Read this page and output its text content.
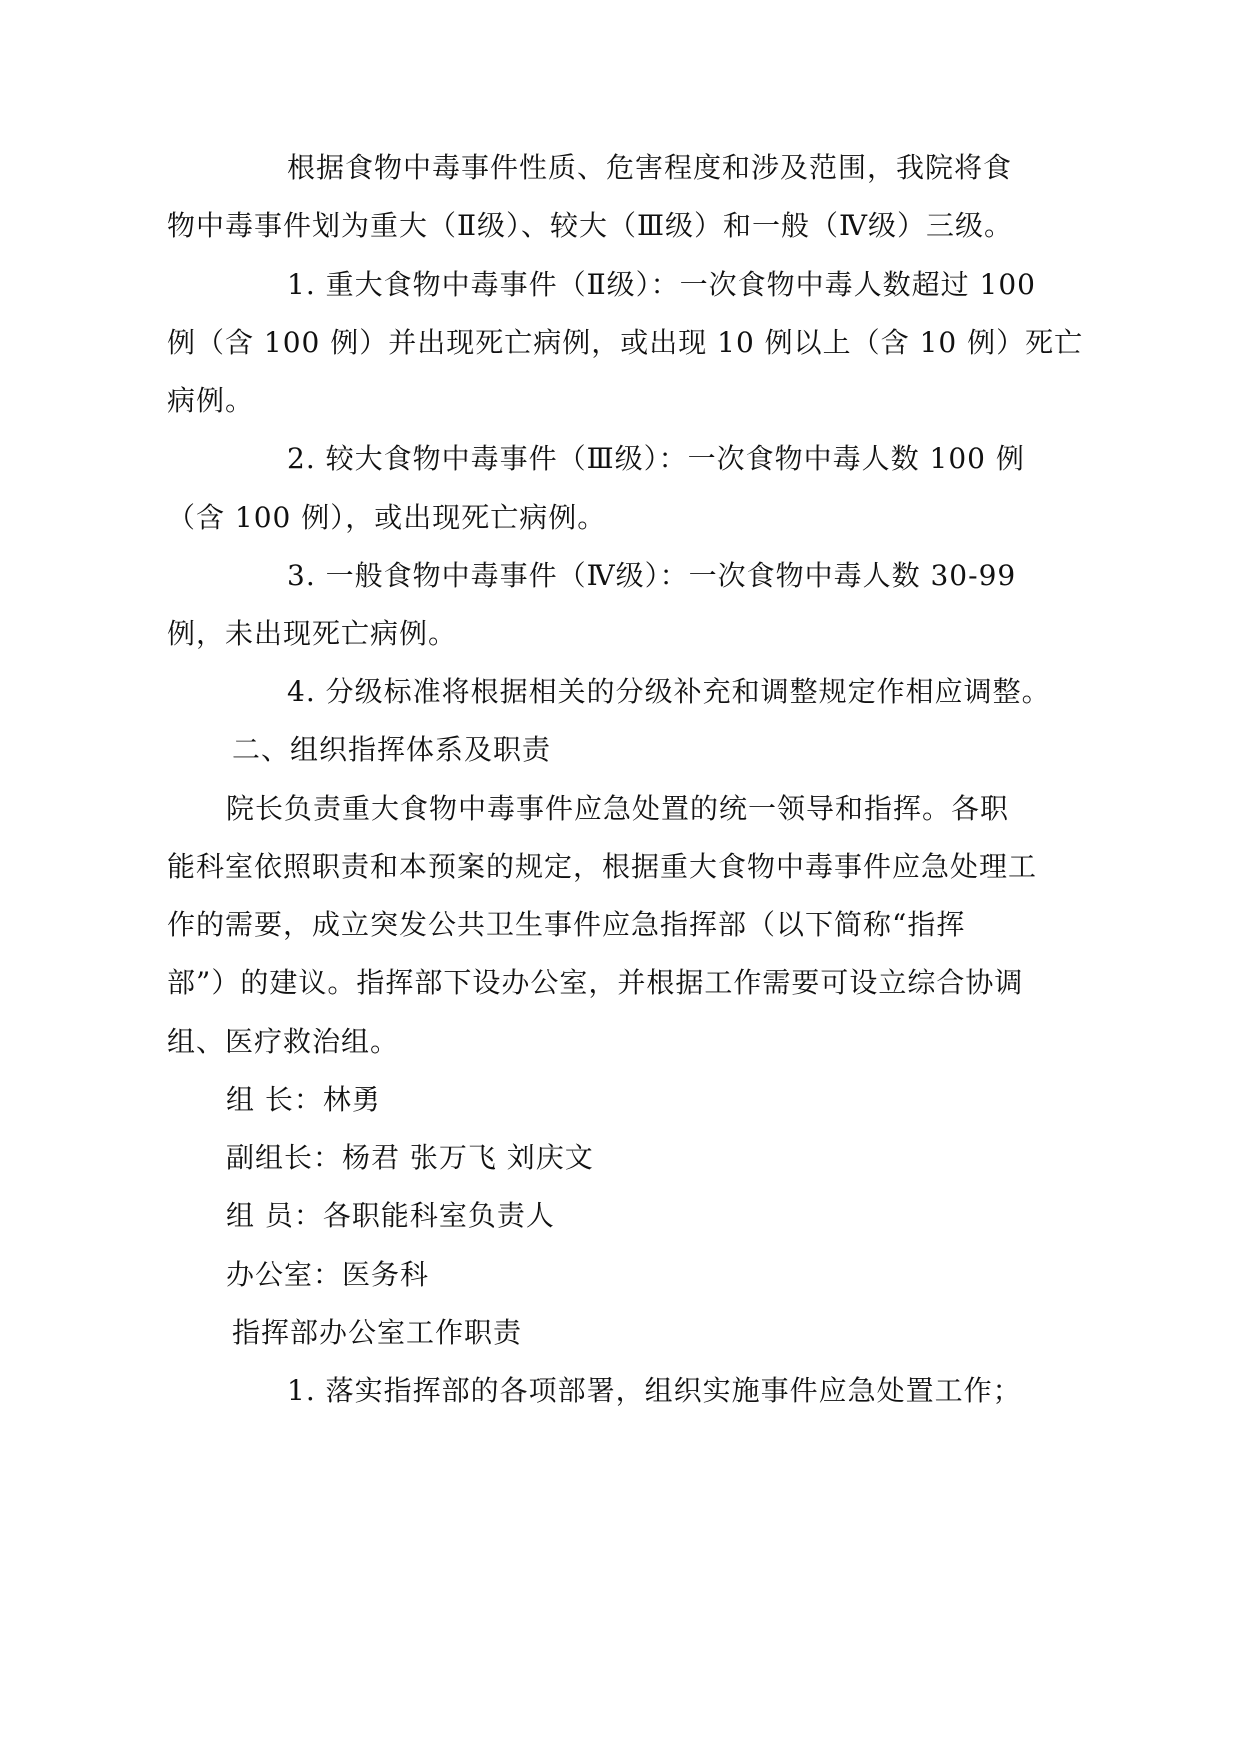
根据食物中毒事件性质、危害程度和涉及范围，我院将食
物中毒事件划为重大（Ⅱ级）、较大（Ⅲ级）和一般（Ⅳ级）三级。
1. 重大食物中毒事件（Ⅱ级）：一次食物中毒人数超过 100
例（含 100 例）并出现死亡病例，或出现 10 例以上（含 10 例）死亡
病例。
2. 较大食物中毒事件（Ⅲ级）：一次食物中毒人数 100 例
（含 100 例），或出现死亡病例。
3. 一般食物中毒事件（Ⅳ级）：一次食物中毒人数 30-99
例，未出现死亡病例。
4. 分级标准将根据相关的分级补充和调整规定作相应调整。
二、组织指挥体系及职责
院长负责重大食物中毒事件应急处置的统一领导和指挥。各职
能科室依照职责和本预案的规定，根据重大食物中毒事件应急处理工
作的需要，成立突发公共卫生事件应急指挥部（以下简称“指挥
部”）的建议。指挥部下设办公室，并根据工作需要可设立综合协调
组、医疗救治组。
组 长：林勇
副组长：杨君 张万飞 刘庆文
组 员：各职能科室负责人
办公室：医务科
指挥部办公室工作职责
1. 落实指挥部的各项部署，组织实施事件应急处置工作；
